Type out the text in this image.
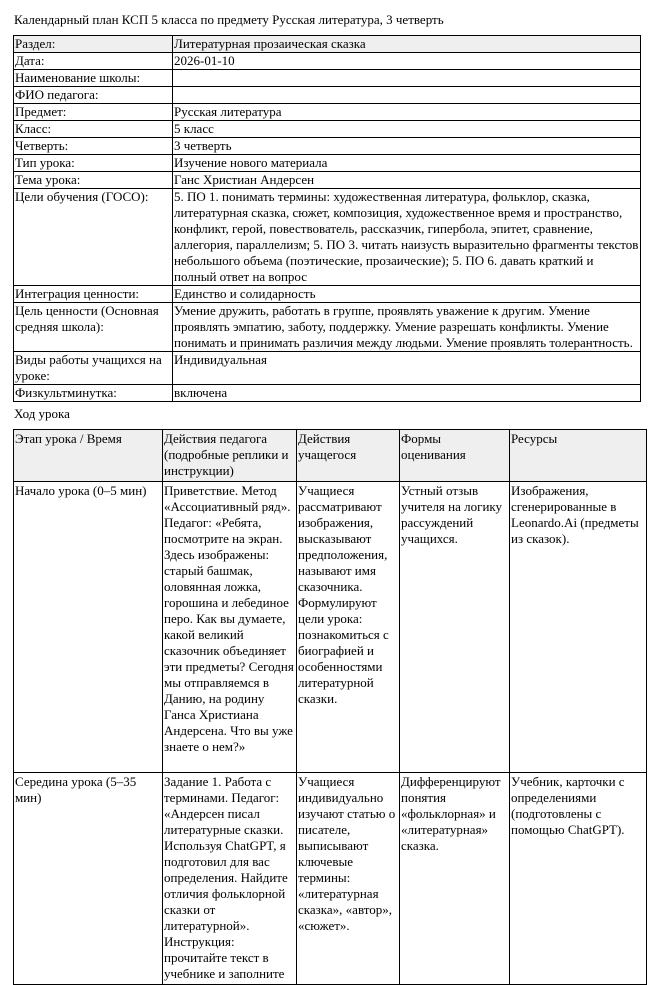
Календарный план КСП 5 класса по предмету Русская литература, 3 четверть
Раздел:	Литературная прозаическая сказка
Дата:	2026-01-10
Наименование школы:	
ФИО педагога:	
Предмет:	Русская литература
Класс:	5 класс
Четверть:	3 четверть
Тип урока:	Изучение нового материала
Тема урока:	Ганс Христиан Андерсен
Цели обучения (ГОСО):	5. ПО 1. понимать термины: художественная литература, фольклор, сказка, литературная сказка, сюжет, композиция, художественное время и пространство, конфликт, герой, повествователь, рассказчик, гипербола, эпитет, сравнение, аллегория, параллелизм; 5. ПО 3. читать наизусть выразительно фрагменты текстов небольшого объема (поэтические, прозаические); 5. ПО 6. давать краткий и полный ответ на вопрос
Интеграция ценности:	Единство и солидарность
Цель ценности (Основная средняя школа):	Умение дружить, работать в группе, проявлять уважение к другим. Умение проявлять эмпатию, заботу, поддержку. Умение разрешать конфликты. Умение понимать и принимать различия между людьми. Умение проявлять толерантность.
Виды работы учащихся на уроке:	Индивидуальная
Физкультминутка:	включена
Ход урока
Этап урока / Время	Действия педагога (подробные реплики и инструкции)	Действия учащегося	Формы оценивания	Ресурсы
Начало урока (0–5 мин)	Приветствие. Метод «Ассоциативный ряд». Педагог: «Ребята, посмотрите на экран. Здесь изображены: старый башмак, оловянная ложка, горошина и лебединое перо. Как вы думаете, какой великий сказочник объединяет эти предметы? Сегодня мы отправляемся в Данию, на родину Ганса Христиана Андерсена. Что вы уже знаете о нем?»	Учащиеся рассматривают изображения, высказывают предположения, называют имя сказочника. Формулируют цели урока: познакомиться с биографией и особенностями литературной сказки.	Устный отзыв учителя на логику рассуждений учащихся.	Изображения, сгенерированные в Leonardo.Ai (предметы из сказок).
Середина урока (5–35 мин)	Задание 1. Работа с терминами. Педагог: «Андерсен писал литературные сказки. Используя ChatGPT, я подготовил для вас определения. Найдите отличия фольклорной сказки от литературной». Инструкция: прочитайте текст в учебнике и заполните	Учащиеся индивидуально изучают статью о писателе, выписывают ключевые термины: «литературная сказка», «автор», «сюжет».	Дифференцируют понятия «фольклорная» и «литературная» сказка.	Учебник, карточки с определениями (подготовлены с помощью ChatGPT).
